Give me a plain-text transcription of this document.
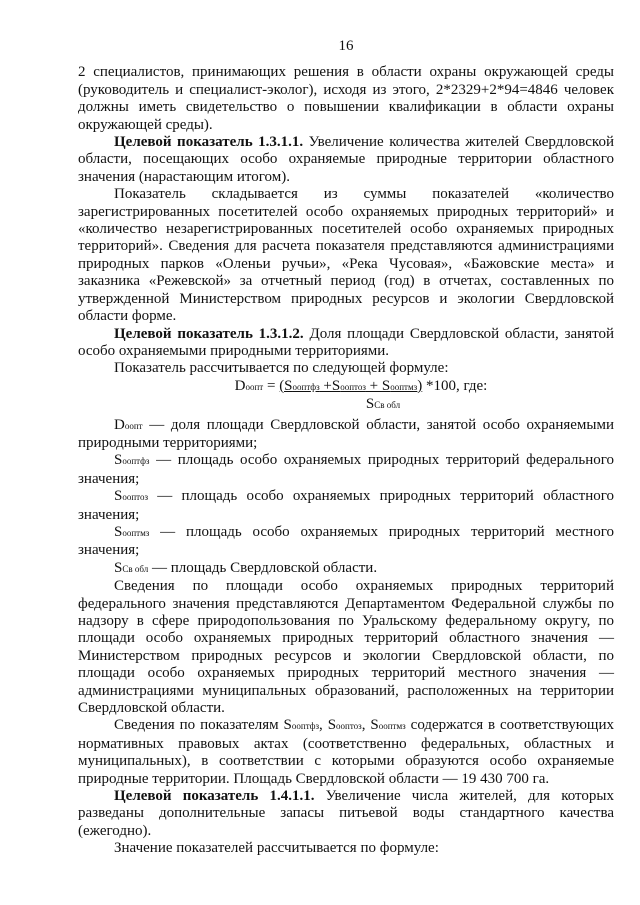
16

2 специалистов, принимающих решения в области охраны окружающей среды (руководитель и специалист-эколог), исходя из этого, 2*2329+2*94=4846 человек должны иметь свидетельство о повышении квалификации в области охраны окружающей среды).

Целевой показатель 1.3.1.1. Увеличение количества жителей Свердловской области, посещающих особо охраняемые природные территории областного значения (нарастающим итогом).

Показатель складывается из суммы показателей «количество зарегистрированных посетителей особо охраняемых природных территорий» и «количество незарегистрированных посетителей особо охраняемых природных территорий». Сведения для расчета показателя представляются администрациями природных парков «Оленьи ручьи», «Река Чусовая», «Бажовские места» и заказника «Режевской» за отчетный период (год) в отчетах, составленных по утвержденной Министерством природных ресурсов и экологии Свердловской области форме.

Целевой показатель 1.3.1.2. Доля площади Свердловской области, занятой особо охраняемыми природными территориями.

Показатель рассчитывается по следующей формуле:

Dоопт = (Sооптфз +Sооптоз + Sооптмз) *100, где:

SСв обл

Dоопт — доля площади Свердловской области, занятой особо охраняемыми природными территориями;

Sооптфз — площадь особо охраняемых природных территорий федерального значения;

Sооптоз — площадь особо охраняемых природных территорий областного значения;

Sооптмз — площадь особо охраняемых природных территорий местного значения;

SСв обл — площадь Свердловской области.

Сведения по площади особо охраняемых природных территорий федерального значения представляются Департаментом Федеральной службы по надзору в сфере природопользования по Уральскому федеральному округу, по площади особо охраняемых природных территорий областного значения — Министерством природных ресурсов и экологии Свердловской области, по площади особо охраняемых природных территорий местного значения — администрациями муниципальных образований, расположенных на территории Свердловской области.

Сведения по показателям Sооптфз, Sооптоз, Sооптмз содержатся в соответствующих нормативных правовых актах (соответственно федеральных, областных и муниципальных), в соответствии с которыми образуются особо охраняемые природные территории. Площадь Свердловской области — 19 430 700 га.

Целевой показатель 1.4.1.1. Увеличение числа жителей, для которых разведаны дополнительные запасы питьевой воды стандартного качества (ежегодно).

Значение показателей рассчитывается по формуле:
